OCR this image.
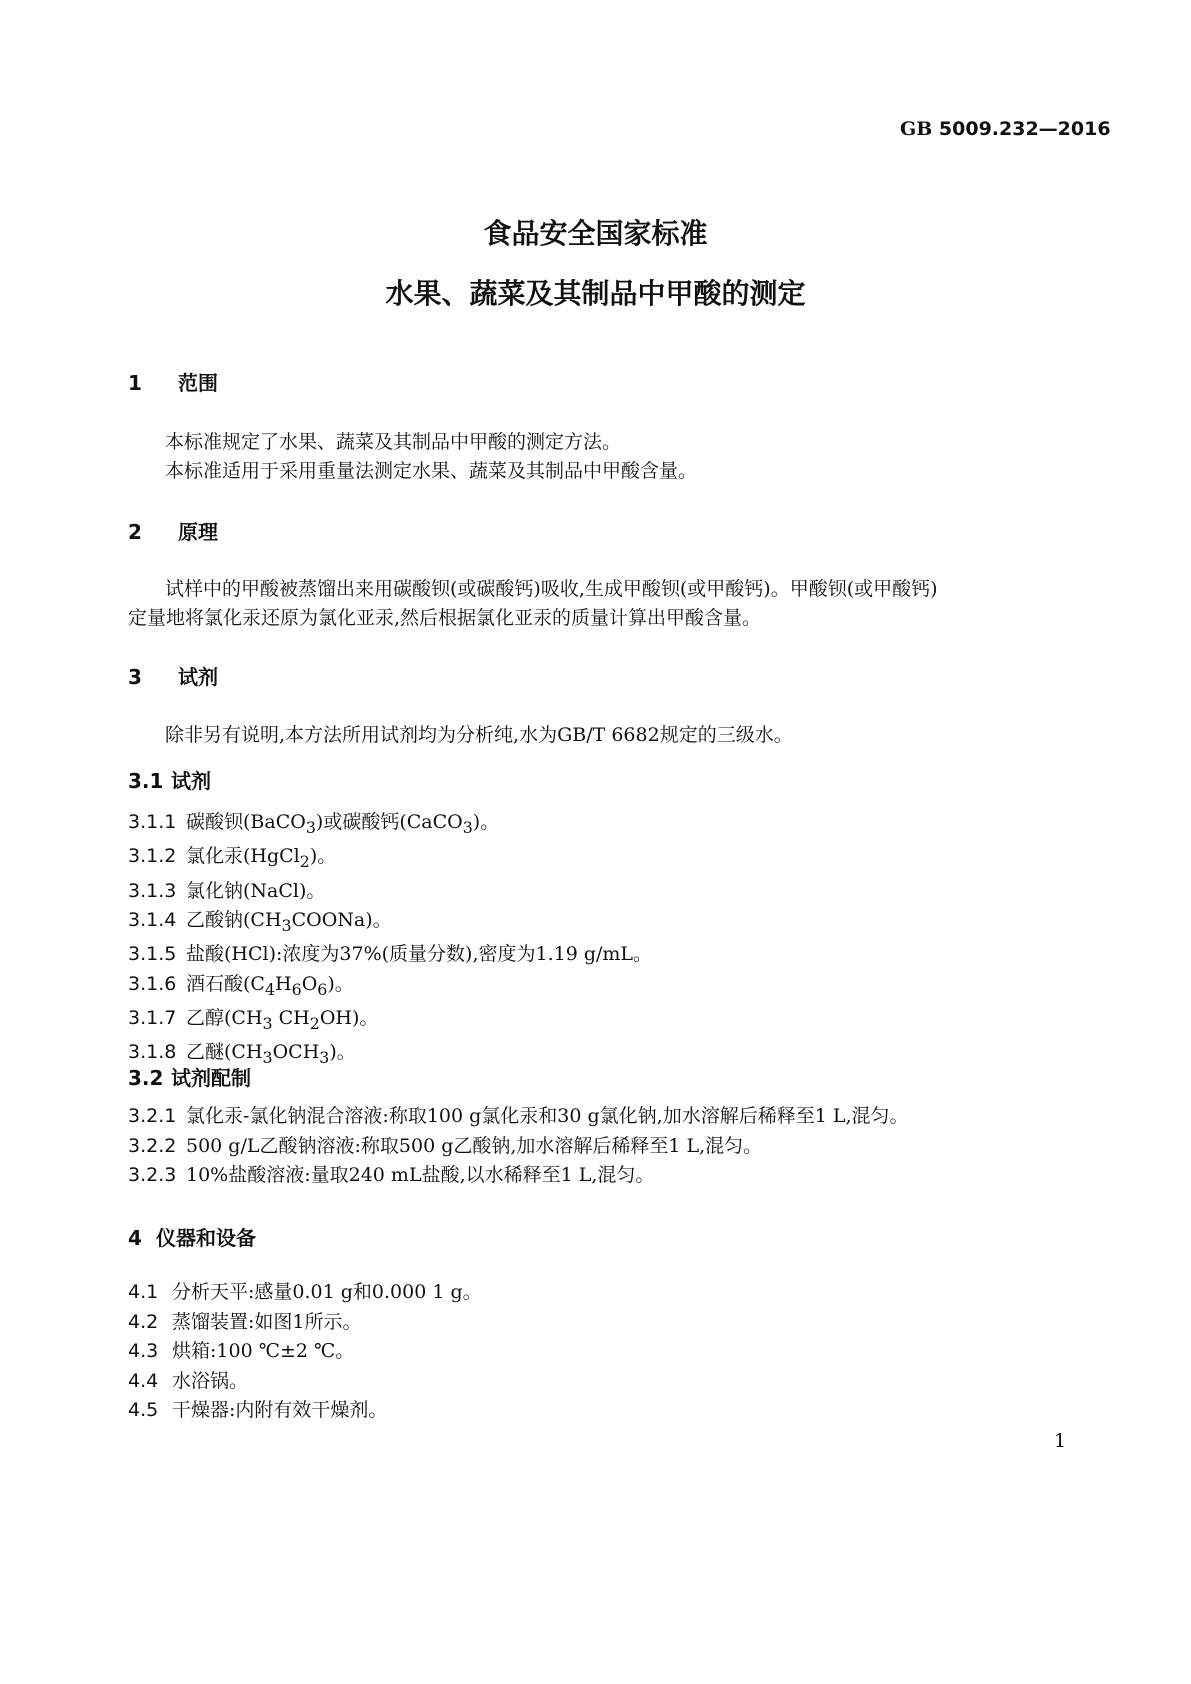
GB 5009.232—2016
食品安全国家标准
水果、蔬菜及其制品中甲酸的测定
1 范围
本标准规定了水果、蔬菜及其制品中甲酸的测定方法。
本标准适用于采用重量法测定水果、蔬菜及其制品中甲酸含量。
2 原理
试样中的甲酸被蒸馏出来用碳酸钡(或碳酸钙)吸收,生成甲酸钡(或甲酸钙)。甲酸钡(或甲酸钙)
定量地将氯化汞还原为氯化亚汞,然后根据氯化亚汞的质量计算出甲酸含量。
3 试剂
除非另有说明,本方法所用试剂均为分析纯,水为GB/T 6682规定的三级水。
3.1 试剂
3.1.1 碳酸钡(BaCO$_3$)或碳酸钙(CaCO$_3$)。
3.1.2 氯化汞(HgCl$_2$)。
3.1.3 氯化钠(NaCl)。
3.1.4 乙酸钠$(CH_3COONa)$。
3.1.5 盐酸(HCl):浓度为37%(质量分数),密度为1.19 g/mL。
3.1.6 酒石酸$(C_4H_6O_6)$。
3.1.7 乙醇($CH_3$ $CH_2OH$)。
3.1.8 乙醚$(CH_3OCH_3)$。
3.2 试剂配制
3.2.1 氯化汞-氯化钠混合溶液:称取100 g氯化汞和30 g氯化钠,加水溶解后稀释至1 L,混匀。
3.2.2 500 g/L乙酸钠溶液:称取500 g乙酸钠,加水溶解后稀释至1 L,混匀。
3.2.3 10%盐酸溶液:量取240 mL盐酸,以水稀释至1 L,混匀。
4 仪器和设备
4.1 分析天平:感量0.01 g和0.000 1 g。
4.2 蒸馏装置:如图1所示。
4.3 烘箱:100 ℃±2 ℃。
4.4 水浴锅。
4.5 干燥器:内附有效干燥剂。
1
